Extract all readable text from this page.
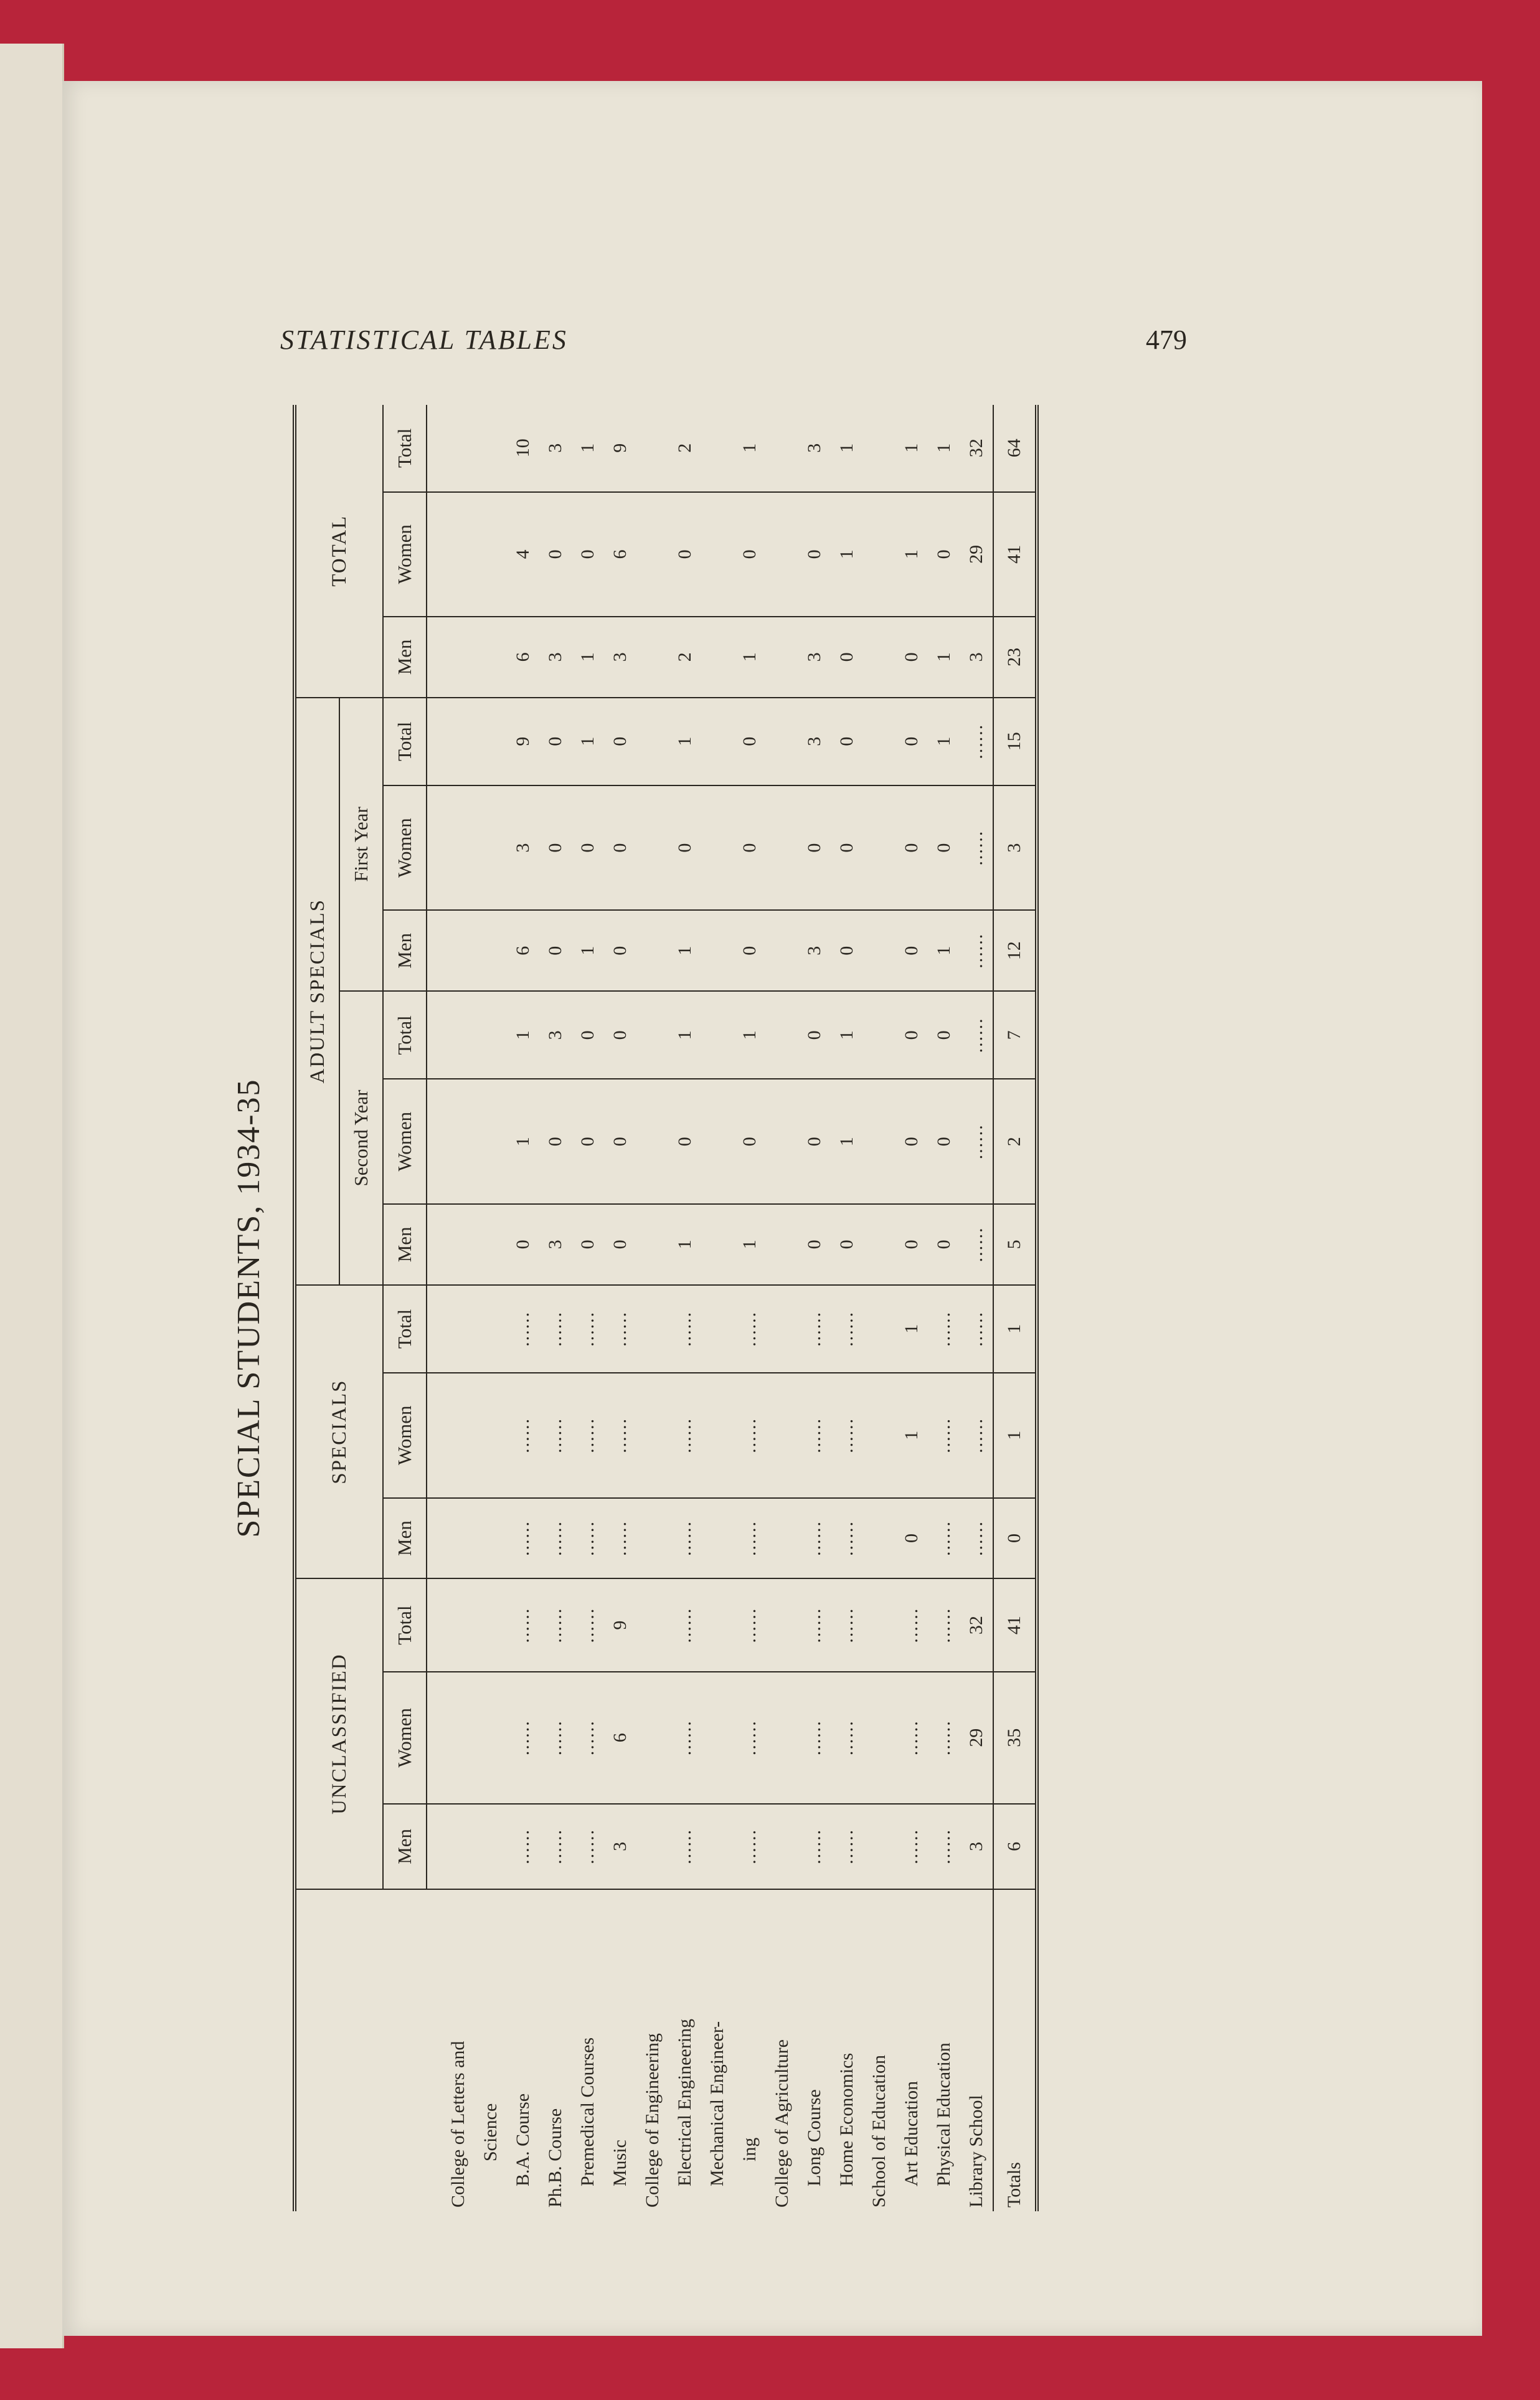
SPECIAL STUDENTS, 1934-35
	UNCLASSIFIED			SPECIALS			ADULT SPECIALS						TOTAL		
							Second Year			First Year					
	Men	Women	Total	Men	Women	Total	Men	Women	Total	Men	Women	Total	Men	Women	Total

College of Letters and															
Science															
B.A. Course	......	......	......	......	......	......	0	1	1	6	3	9	6	4	10
Ph.B. Course	......	......	......	......	......	......	3	0	3	0	0	0	3	0	3
Premedical Courses	......	......	......	......	......	......	0	0	0	1	0	1	1	0	1
Music	3	6	9	......	......	......	0	0	0	0	0	0	3	6	9
College of Engineering															
Electrical Engineering	......	......	......	......	......	......	1	0	1	1	0	1	2	0	2
Mechanical Engineer-															
ing	......	......	......	......	......	......	1	0	1	0	0	0	1	0	1
College of Agriculture															
Long Course	......	......	......	......	......	......	0	0	0	3	0	3	3	0	3
Home Economics	......	......	......	......	......	......	0	1	1	0	0	0	0	1	1
School of Education															
Art Education	......	......	......	0	1	1	0	0	0	0	0	0	0	1	1
Physical Education	......	......	......	......	......	......	0	0	0	1	0	1	1	0	1
Library School	3	29	32	......	......	......	......	......	......	......	......	......	3	29	32
Totals	6	35	41	0	1	1	5	2	7	12	3	15	23	41	64
STATISTICAL TABLES	479
